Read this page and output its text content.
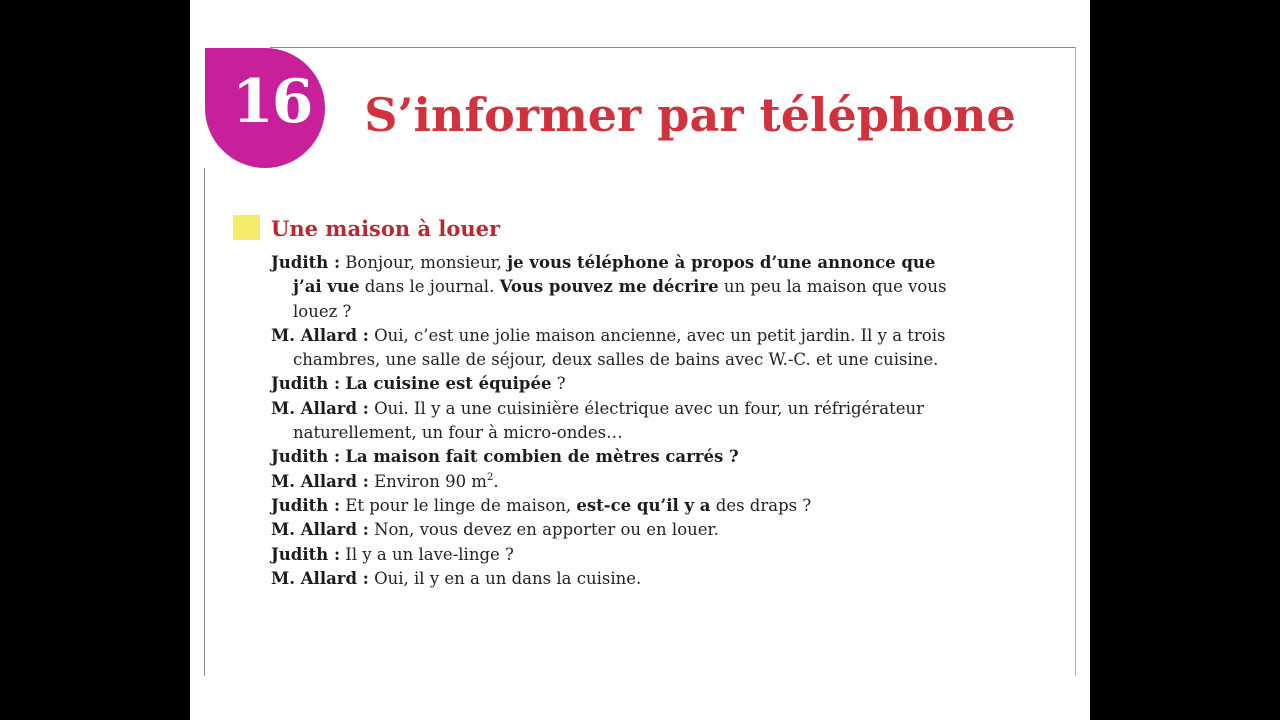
16	S’informer par téléphone
Une maison à louer

Judith : Bonjour, monsieur, je vous téléphone à propos d’une annonce que j’ai vue dans le journal. Vous pouvez me décrire un peu la maison que vous louez ?

M. Allard : Oui, c’est une jolie maison ancienne, avec un petit jardin. Il y a trois chambres, une salle de séjour, deux salles de bains avec W.-C. et une cuisine.

Judith : La cuisine est équipée ?

M. Allard : Oui. Il y a une cuisinière électrique avec un four, un réfrigérateur naturellement, un four à micro-ondes…

Judith : La maison fait combien de mètres carrés ?

M. Allard : Environ 90 $m^2$.

Judith : Et pour le linge de maison, est-ce qu’il y a des draps ?

M. Allard : Non, vous devez en apporter ou en louer.

Judith : Il y a un lave-linge ?

M. Allard : Oui, il y en a un dans la cuisine.
